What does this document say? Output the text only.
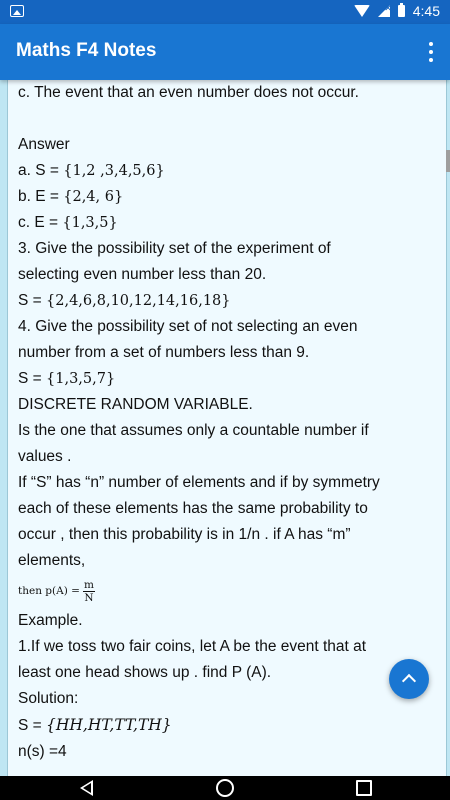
✕ 4:45
Maths F4 Notes

c. The event that an even number does not occur.

Answer

a. S = {1,2 ,3,4,5,6}

b. E = {2,4, 6}

c. E = {1,3,5}

3. Give the possibility set of the experiment of

selecting even number less than 20.

S = {2,4,6,8,10,12,14,16,18}

4. Give the possibility set of not selecting an even

number from a set of numbers less than 9.

S = {1,3,5,7}

DISCRETE RANDOM VARIABLE.

Is the one that assumes only a countable number if

values .

If “S” has “n” number of elements and if by symmetry

each of these elements has the same probability to

occur , then this probability is in 1/n . if A has “m”

elements,

then $p(A) = \frac{m}{N}$

Example.

1.If we toss two fair coins, let A be the event that at

least one head shows up . find P (A).

Solution:

S = {HH,HT,TT,TH}

n(s) =4
